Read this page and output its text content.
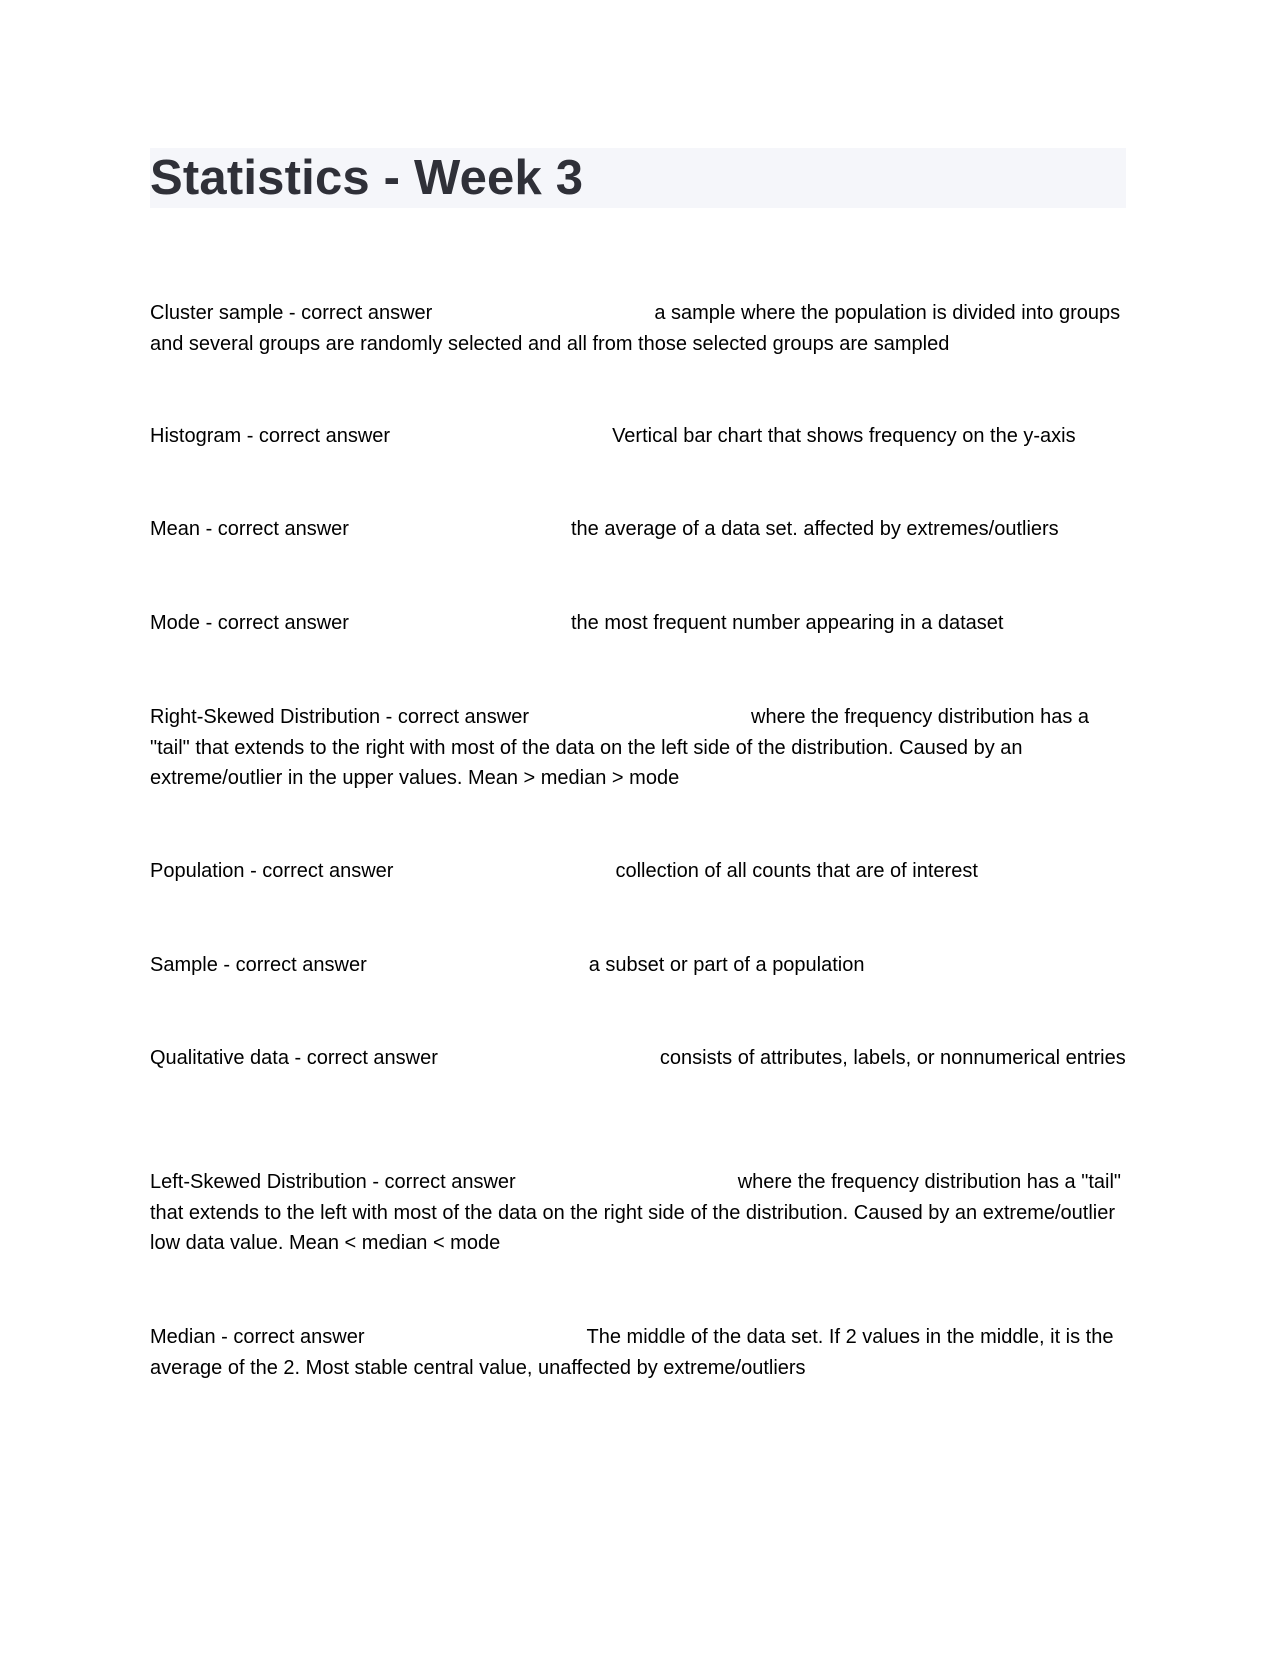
Statistics - Week 3

Cluster sample - correct answer	a sample where the population is divided into groups and several groups are randomly selected and all from those selected groups are sampled

Histogram - correct answer	Vertical bar chart that shows frequency on the y-axis

Mean - correct answer	the average of a data set. affected by extremes/outliers

Mode - correct answer	the most frequent number appearing in a dataset

Right-Skewed Distribution - correct answer	where the frequency distribution has a "tail" that extends to the right with most of the data on the left side of the distribution. Caused by an extreme/outlier in the upper values. Mean > median > mode

Population - correct answer	collection of all counts that are of interest

Sample - correct answer	a subset or part of a population

Qualitative data - correct answer	consists of attributes, labels, or nonnumerical entries

Left-Skewed Distribution - correct answer	where the frequency distribution has a "tail" that extends to the left with most of the data on the right side of the distribution. Caused by an extreme/outlier low data value. Mean < median < mode

Median - correct answer	The middle of the data set. If 2 values in the middle, it is the average of the 2. Most stable central value, unaffected by extreme/outliers
